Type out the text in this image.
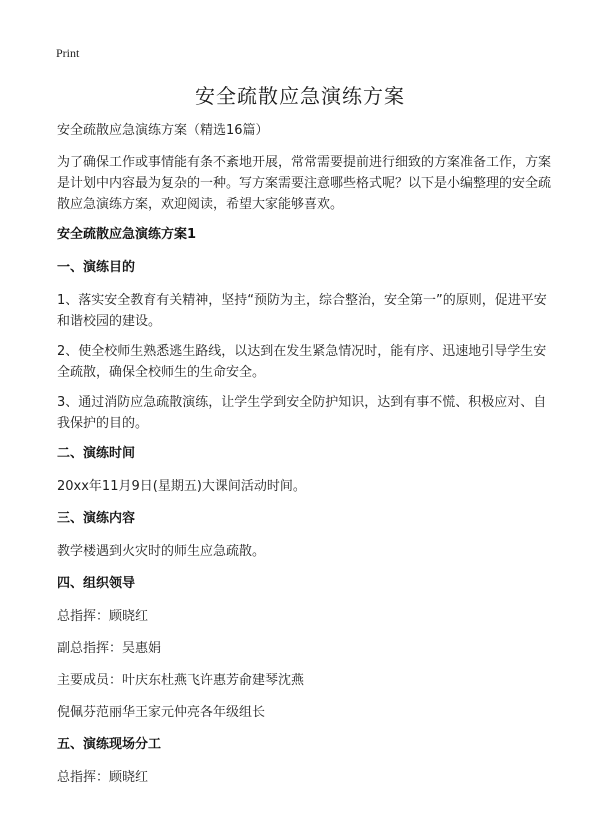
Print
安全疏散应急演练方案

安全疏散应急演练方案（精选16篇）

为了确保工作或事情能有条不紊地开展，常常需要提前进行细致的方案准备工作，方案是计划中内容最为复杂的一种。写方案需要注意哪些格式呢？以下是小编整理的安全疏散应急演练方案，欢迎阅读，希望大家能够喜欢。

安全疏散应急演练方案1

一、演练目的

1、落实安全教育有关精神，坚持“预防为主，综合整治，安全第一”的原则，促进平安和谐校园的建设。

2、使全校师生熟悉逃生路线，以达到在发生紧急情况时，能有序、迅速地引导学生安全疏散，确保全校师生的生命安全。

3、通过消防应急疏散演练，让学生学到安全防护知识，达到有事不慌、积极应对、自我保护的目的。

二、演练时间

20xx年11月9日(星期五)大课间活动时间。

三、演练内容

教学楼遇到火灾时的师生应急疏散。

四、组织领导

总指挥：顾晓红

副总指挥：吴惠娟

主要成员：叶庆东杜燕飞许惠芳俞建琴沈燕

倪佩芬范丽华王家元仲亮各年级组长

五、演练现场分工

总指挥：顾晓红
